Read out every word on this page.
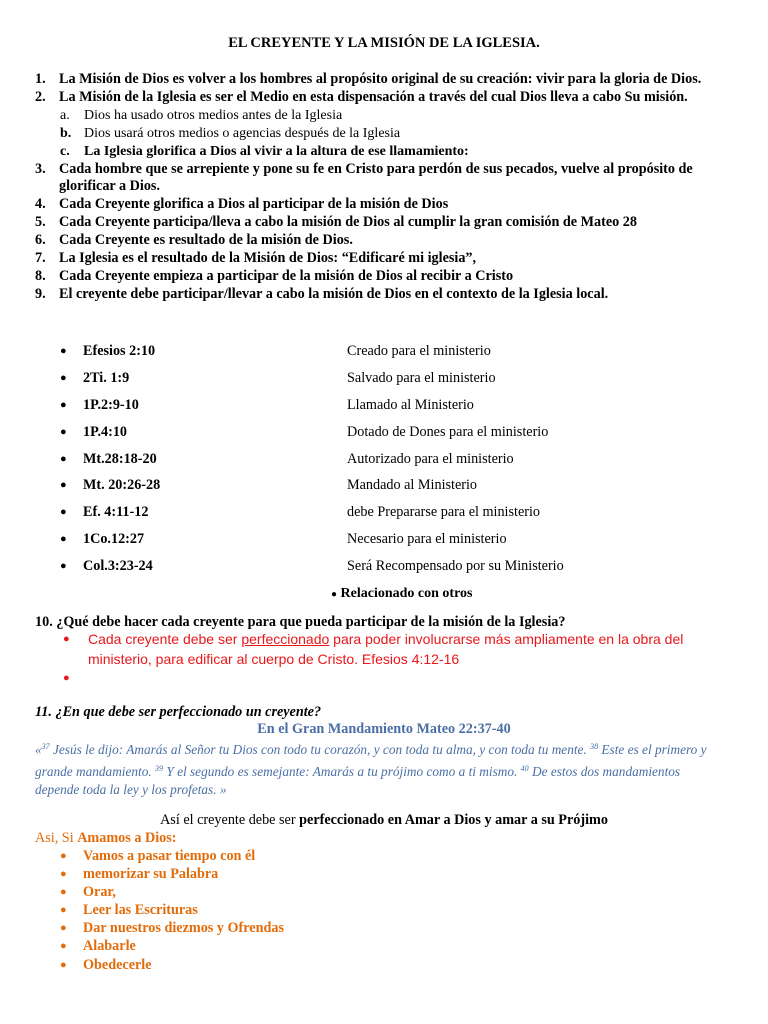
EL CREYENTE Y LA MISIÓN DE LA IGLESIA.
1. La Misión de Dios es volver a los hombres al propósito original de su creación: vivir para la gloria de Dios.
2. La Misión de la Iglesia es ser el Medio en esta dispensación a través del cual Dios lleva a cabo Su misión.
a. Dios ha usado otros medios antes de la Iglesia
b. Dios usará otros medios o agencias después de la Iglesia
c. La Iglesia glorifica a Dios al vivir a la altura de ese llamamiento:
3. Cada hombre que se arrepiente y pone su fe en Cristo para perdón de sus pecados, vuelve al propósito de glorificar a Dios.
4. Cada Creyente glorifica a Dios al participar de la misión de Dios
5. Cada Creyente participa/lleva a cabo la misión de Dios al cumplir la gran comisión de Mateo 28
6. Cada Creyente es resultado de la misión de Dios.
7. La Iglesia es el resultado de la Misión de Dios: “Edificaré mi iglesia”,
8. Cada Creyente empieza a participar de la misión de Dios al recibir a Cristo
9. El creyente debe participar/llevar a cabo la misión de Dios en el contexto de la Iglesia local.
● Efesios 2:10	Creado para el ministerio
● 2Ti. 1:9	Salvado para el ministerio
● 1P.2:9-10	Llamado al Ministerio
● 1P.4:10	Dotado de Dones para el ministerio
● Mt.28:18-20	Autorizado para el ministerio
● Mt. 20:26-28	Mandado al Ministerio
● Ef. 4:11-12	debe Prepararse para el ministerio
● 1Co.12:27	Necesario para el ministerio
● Col.3:23-24	Será Recompensado por su Ministerio
● Relacionado con otros
10. ¿Qué debe hacer cada creyente para que pueda participar de la misión de la Iglesia?
● Cada creyente debe ser perfeccionado para poder involucrarse más ampliamente en la obra del ministerio, para edificar al cuerpo de Cristo. Efesios 4:12-16
●

11. ¿En que debe ser perfeccionado un creyente?
En el Gran Mandamiento Mateo 22:37-40
«$^{37}$ Jesús le dijo: Amarás al Señor tu Dios con todo tu corazón, y con toda tu alma, y con toda tu mente. $^{38}$ Este es el primero y grande mandamiento. $^{39}$ Y el segundo es semejante: Amarás a tu prójimo como a ti mismo. $^{40}$ De estos dos mandamientos depende toda la ley y los profetas. »
Así el creyente debe ser perfeccionado en Amar a Dios y amar a su Prójimo
Asi, Si Amamos a Dios:
● Vamos a pasar tiempo con él
● memorizar su Palabra
● Orar,
● Leer las Escrituras
● Dar nuestros diezmos y Ofrendas
● Alabarle
● Obedecerle
